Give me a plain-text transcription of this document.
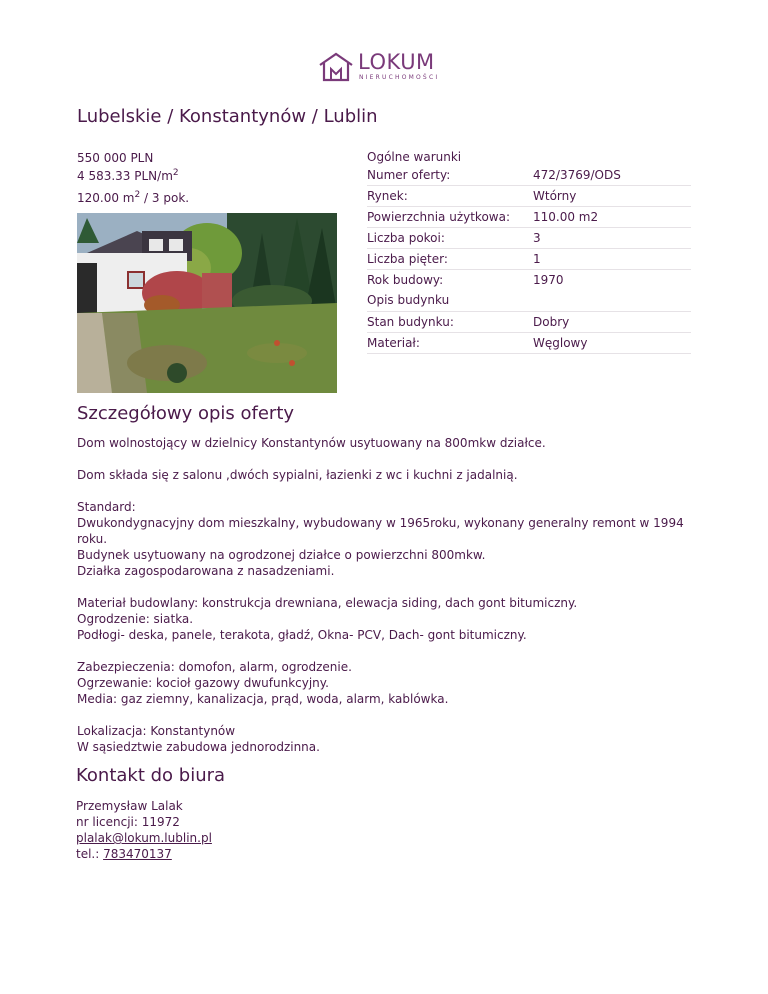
LOKUM
NIERUCHOMOŚCI
Lubelskie / Konstantynów / Lublin
550 000 PLN
4 583.33 PLN/$m^2$
120.00 $m^2 / 3$ pok.
Ogólne warunki
Numer oferty:	472/3769/ODS
Rynek:	Wtórny
Powierzchnia użytkowa:	110.00 m2
Liczba pokoi:	3
Liczba pięter:	1
Rok budowy:	1970
Opis budynku
Stan budynku:	Dobry
Materiał:	Węglowy
Szczegółowy opis oferty

Dom wolnostojący w dzielnicy Konstantynów usytuowany na 800mkw działce.

Dom składa się z salonu ,dwóch sypialni, łazienki z wc i kuchni z jadalnią.

Standard:
Dwukondygnacyjny dom mieszkalny, wybudowany w 1965roku, wykonany generalny remont w 1994 roku.
Budynek usytuowany na ogrodzonej działce o powierzchni 800mkw.
Działka zagospodarowana z nasadzeniami.

Materiał budowlany: konstrukcja drewniana, elewacja siding, dach gont bitumiczny.
Ogrodzenie: siatka.
Podłogi- deska, panele, terakota, gładź, Okna- PCV, Dach- gont bitumiczny.

Zabezpieczenia: domofon, alarm, ogrodzenie.
Ogrzewanie: kocioł gazowy dwufunkcyjny.
Media: gaz ziemny, kanalizacja, prąd, woda, alarm, kablówka.

Lokalizacja: Konstantynów
W sąsiedztwie zabudowa jednorodzinna.

Kontakt do biura
Przemysław Lalak
nr licencji: 11972
plalak@lokum.lublin.pl
tel.: 783470137
